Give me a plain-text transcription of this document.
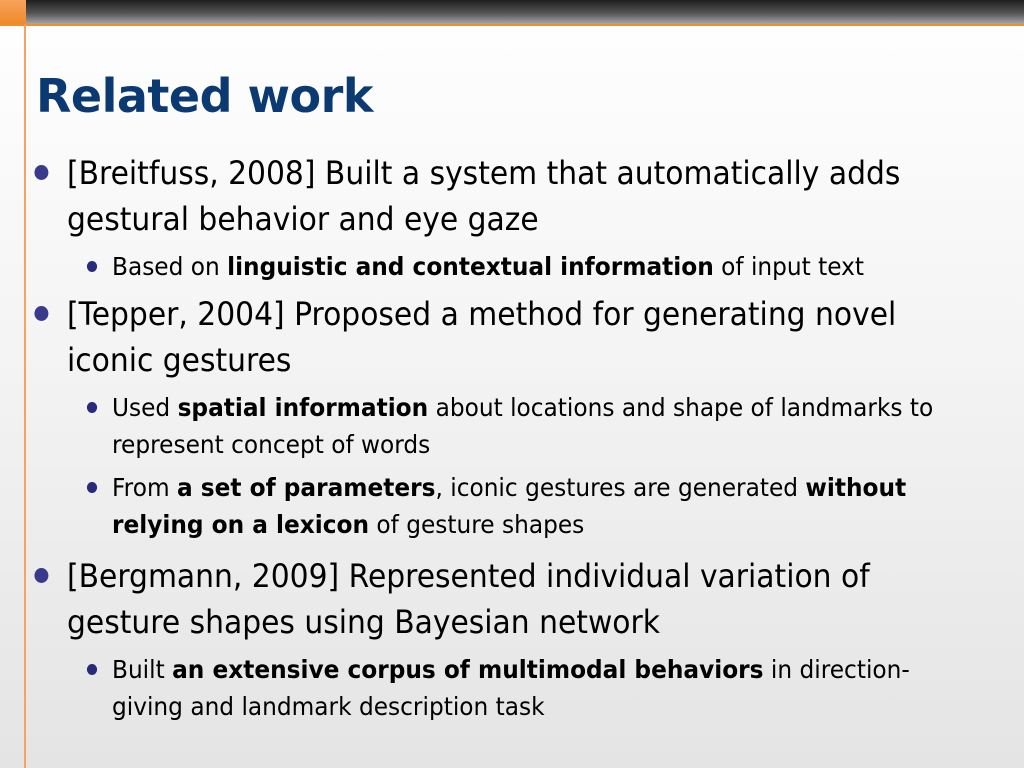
Related work
[Breitfuss, 2008] Built a system that automatically adds gestural behavior and eye gaze
Based on linguistic and contextual information of input text
[Tepper, 2004] Proposed a method for generating novel iconic gestures
Used spatial information about locations and shape of landmarks to represent concept of words
From a set of parameters, iconic gestures are generated without relying on a lexicon of gesture shapes
[Bergmann, 2009] Represented individual variation of gesture shapes using Bayesian network
Built an extensive corpus of multimodal behaviors in direction-giving and landmark description task
